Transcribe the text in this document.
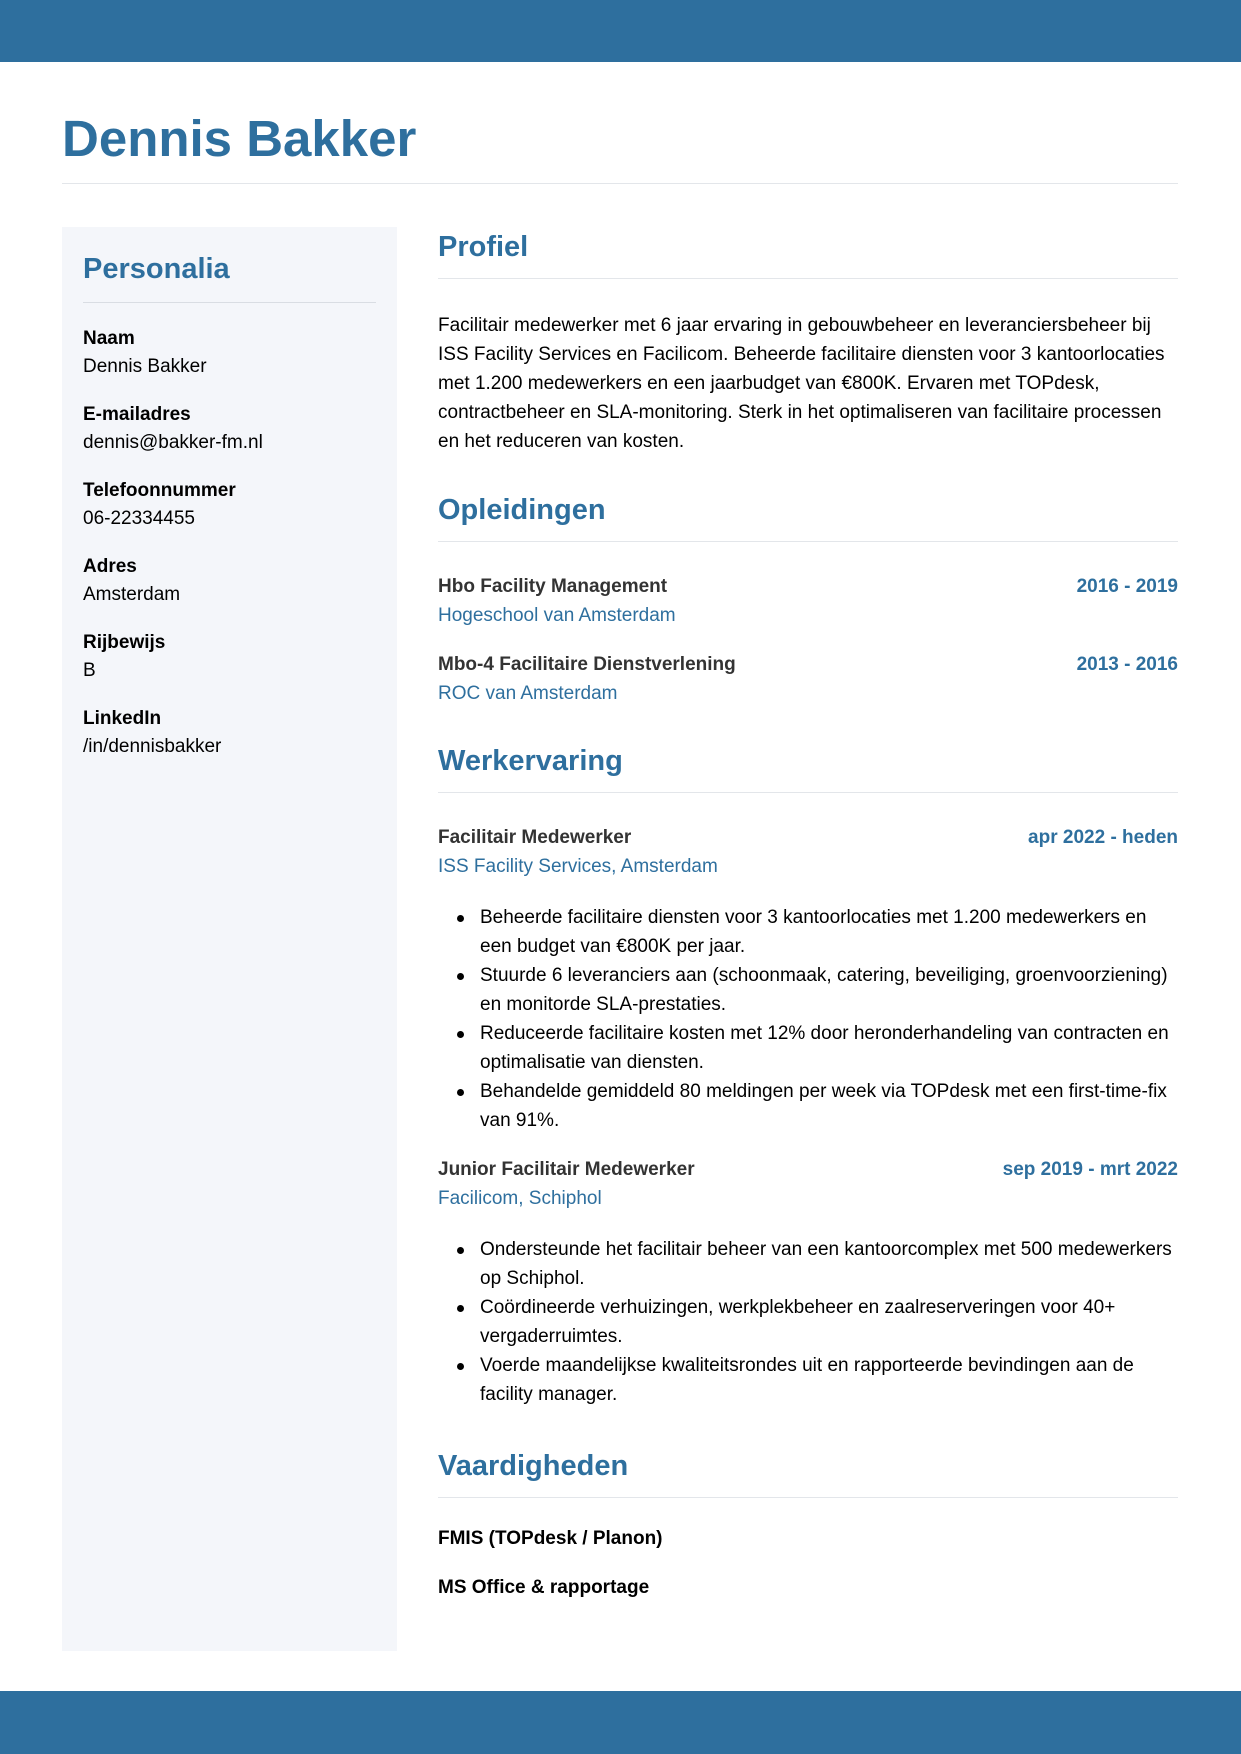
Dennis Bakker
Personalia
Naam
Dennis Bakker
E-mailadres
dennis@bakker-fm.nl
Telefoonnummer
06-22334455
Adres
Amsterdam
Rijbewijs
B
LinkedIn
/in/dennisbakker
Profiel

Facilitair medewerker met 6 jaar ervaring in gebouwbeheer en leveranciersbeheer bij ISS Facility Services en Facilicom. Beheerde facilitaire diensten voor 3 kantoorlocaties met 1.200 medewerkers en een jaarbudget van €800K. Ervaren met TOPdesk, contractbeheer en SLA-monitoring. Sterk in het optimaliseren van facilitaire processen en het reduceren van kosten.

Opleidingen
Hbo Facility Management	2016 - 2019
Hogeschool van Amsterdam
Mbo-4 Facilitaire Dienstverlening	2013 - 2016
ROC van Amsterdam
Werkervaring
Facilitair Medewerker	apr 2022 - heden
ISS Facility Services, Amsterdam
Beheerde facilitaire diensten voor 3 kantoorlocaties met 1.200 medewerkers en een budget van €800K per jaar.
Stuurde 6 leveranciers aan (schoonmaak, catering, beveiliging, groenvoorziening) en monitorde SLA-prestaties.
Reduceerde facilitaire kosten met 12% door heronderhandeling van contracten en optimalisatie van diensten.
Behandelde gemiddeld 80 meldingen per week via TOPdesk met een first-time-fix van 91%.
Junior Facilitair Medewerker	sep 2019 - mrt 2022
Facilicom, Schiphol
Ondersteunde het facilitair beheer van een kantoorcomplex met 500 medewerkers op Schiphol.
Coördineerde verhuizingen, werkplekbeheer en zaalreserveringen voor 40+ vergaderruimtes.
Voerde maandelijkse kwaliteitsrondes uit en rapporteerde bevindingen aan de facility manager.
Vaardigheden
FMIS (TOPdesk / Planon)
MS Office & rapportage
